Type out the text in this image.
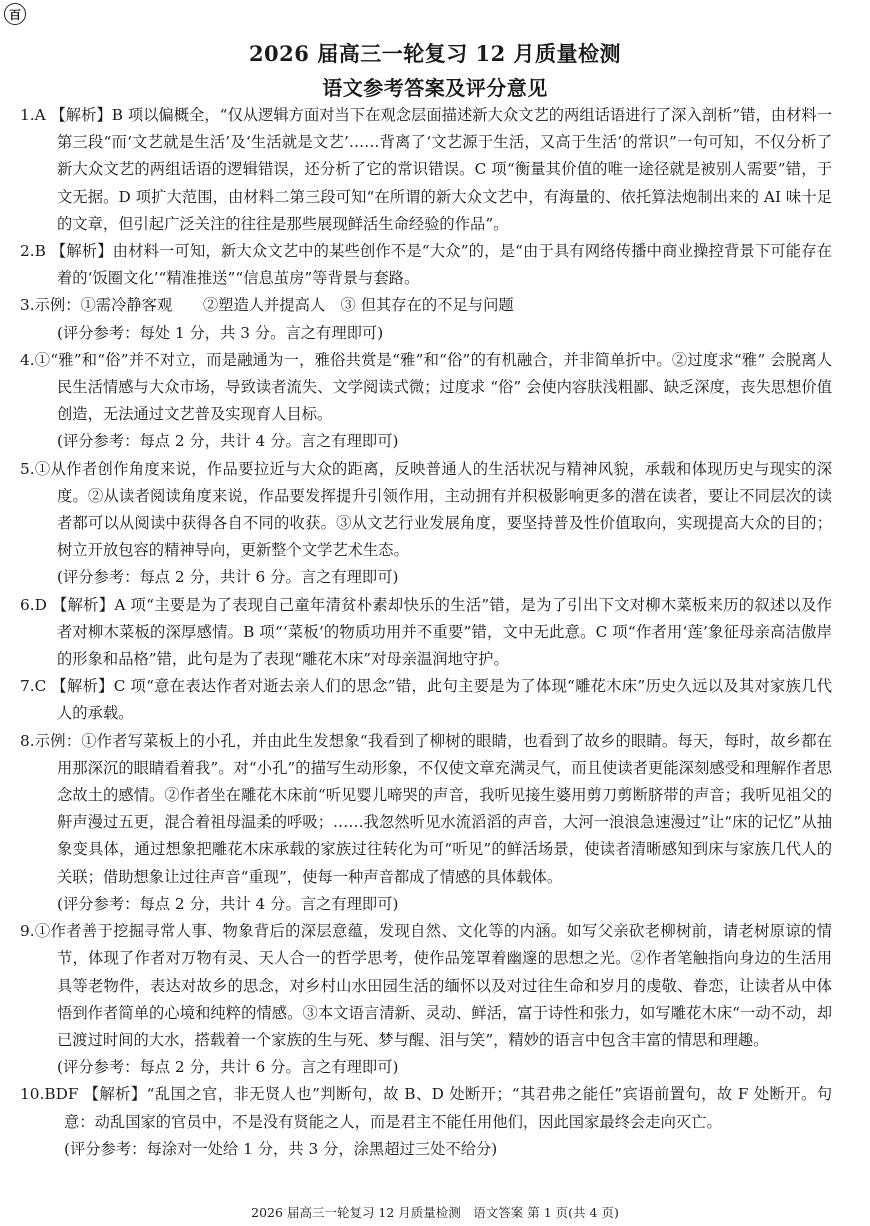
百
2026 届高三一轮复习 12 月质量检测
语文参考答案及评分意见

1.A 【解析】B 项以偏概全，“仅从逻辑方面对当下在观念层面描述新大众文艺的两组话语进行了深入剖析”错，由材料一第三段“而‘文艺就是生活’及‘生活就是文艺’……背离了‘文艺源于生活，又高于生活’的常识”一句可知，不仅分析了新大众文艺的两组话语的逻辑错误，还分析了它的常识错误。C 项“衡量其价值的唯一途径就是被别人需要”错，于文无据。D 项扩大范围，由材料二第三段可知“在所谓的新大众文艺中，有海量的、依托算法炮制出来的 AI 味十足的文章，但引起广泛关注的往往是那些展现鲜活生命经验的作品”。

2.B 【解析】由材料一可知，新大众文艺中的某些创作不是“大众”的，是“由于具有网络传播中商业操控背景下可能存在着的‘饭圈文化’“精准推送”“信息茧房”等背景与套路。

3.示例：①需冷静客观　　②塑造人并提高人　③ 但其存在的不足与问题

(评分参考：每处 1 分，共 3 分。言之有理即可)

4.①“雅”和“俗”并不对立，而是融通为一，雅俗共赏是“雅”和“俗”的有机融合，并非简单折中。②过度求“雅” 会脱离人民生活情感与大众市场，导致读者流失、文学阅读式微；过度求 “俗” 会使内容肤浅粗鄙、缺乏深度，丧失思想价值创造，无法通过文艺普及实现育人目标。

(评分参考：每点 2 分，共计 4 分。言之有理即可)

5.①从作者创作角度来说，作品要拉近与大众的距离，反映普通人的生活状况与精神风貌，承载和体现历史与现实的深度。②从读者阅读角度来说，作品要发挥提升引领作用，主动拥有并积极影响更多的潜在读者，要让不同层次的读者都可以从阅读中获得各自不同的收获。③从文艺行业发展角度，要坚持普及性价值取向，实现提高大众的目的；树立开放包容的精神导向，更新整个文学艺术生态。

(评分参考：每点 2 分，共计 6 分。言之有理即可)

6.D 【解析】A 项“主要是为了表现自己童年清贫朴素却快乐的生活”错，是为了引出下文对柳木菜板来历的叙述以及作者对柳木菜板的深厚感情。B 项“‘菜板’的物质功用并不重要”错，文中无此意。C 项“作者用‘莲’象征母亲高洁傲岸的形象和品格”错，此句是为了表现“雕花木床”对母亲温润地守护。

7.C 【解析】C 项“意在表达作者对逝去亲人们的思念”错，此句主要是为了体现“雕花木床”历史久远以及其对家族几代人的承载。

8.示例：①作者写菜板上的小孔，并由此生发想象“我看到了柳树的眼睛，也看到了故乡的眼睛。每天，每时，故乡都在用那深沉的眼睛看着我”。对“小孔”的描写生动形象，不仅使文章充满灵气，而且使读者更能深刻感受和理解作者思念故土的感情。②作者坐在雕花木床前“听见婴儿啼哭的声音，我听见接生婆用剪刀剪断脐带的声音；我听见祖父的鼾声漫过五更，混合着祖母温柔的呼吸；……我忽然听见水流滔滔的声音，大河一浪浪急速漫过”让“床的记忆”从抽象变具体，通过想象把雕花木床承载的家族过往转化为可“听见”的鲜活场景，使读者清晰感知到床与家族几代人的关联；借助想象让过往声音“重现”，使每一种声音都成了情感的具体载体。

(评分参考：每点 2 分，共计 4 分。言之有理即可)

9.①作者善于挖掘寻常人事、物象背后的深层意蕴，发现自然、文化等的内涵。如写父亲砍老柳树前，请老树原谅的情节，体现了作者对万物有灵、天人合一的哲学思考，使作品笼罩着幽邃的思想之光。②作者笔触指向身边的生活用具等老物件，表达对故乡的思念，对乡村山水田园生活的缅怀以及对过往生命和岁月的虔敬、眷恋，让读者从中体悟到作者简单的心境和纯粹的情感。③本文语言清新、灵动、鲜活，富于诗性和张力，如写雕花木床“一动不动，却已渡过时间的大水，搭载着一个家族的生与死、梦与醒、泪与笑”，精妙的语言中包含丰富的情思和理趣。

(评分参考：每点 2 分，共计 6 分。言之有理即可)

10.BDF 【解析】“乱国之官，非无贤人也”判断句，故 B、D 处断开；“其君弗之能任”宾语前置句，故 F 处断开。句意：动乱国家的官员中，不是没有贤能之人，而是君主不能任用他们，因此国家最终会走向灭亡。

(评分参考：每涂对一处给 1 分，共 3 分，涂黑超过三处不给分)

2026 届高三一轮复习 12 月质量检测　语文答案 第 1 页(共 4 页)
